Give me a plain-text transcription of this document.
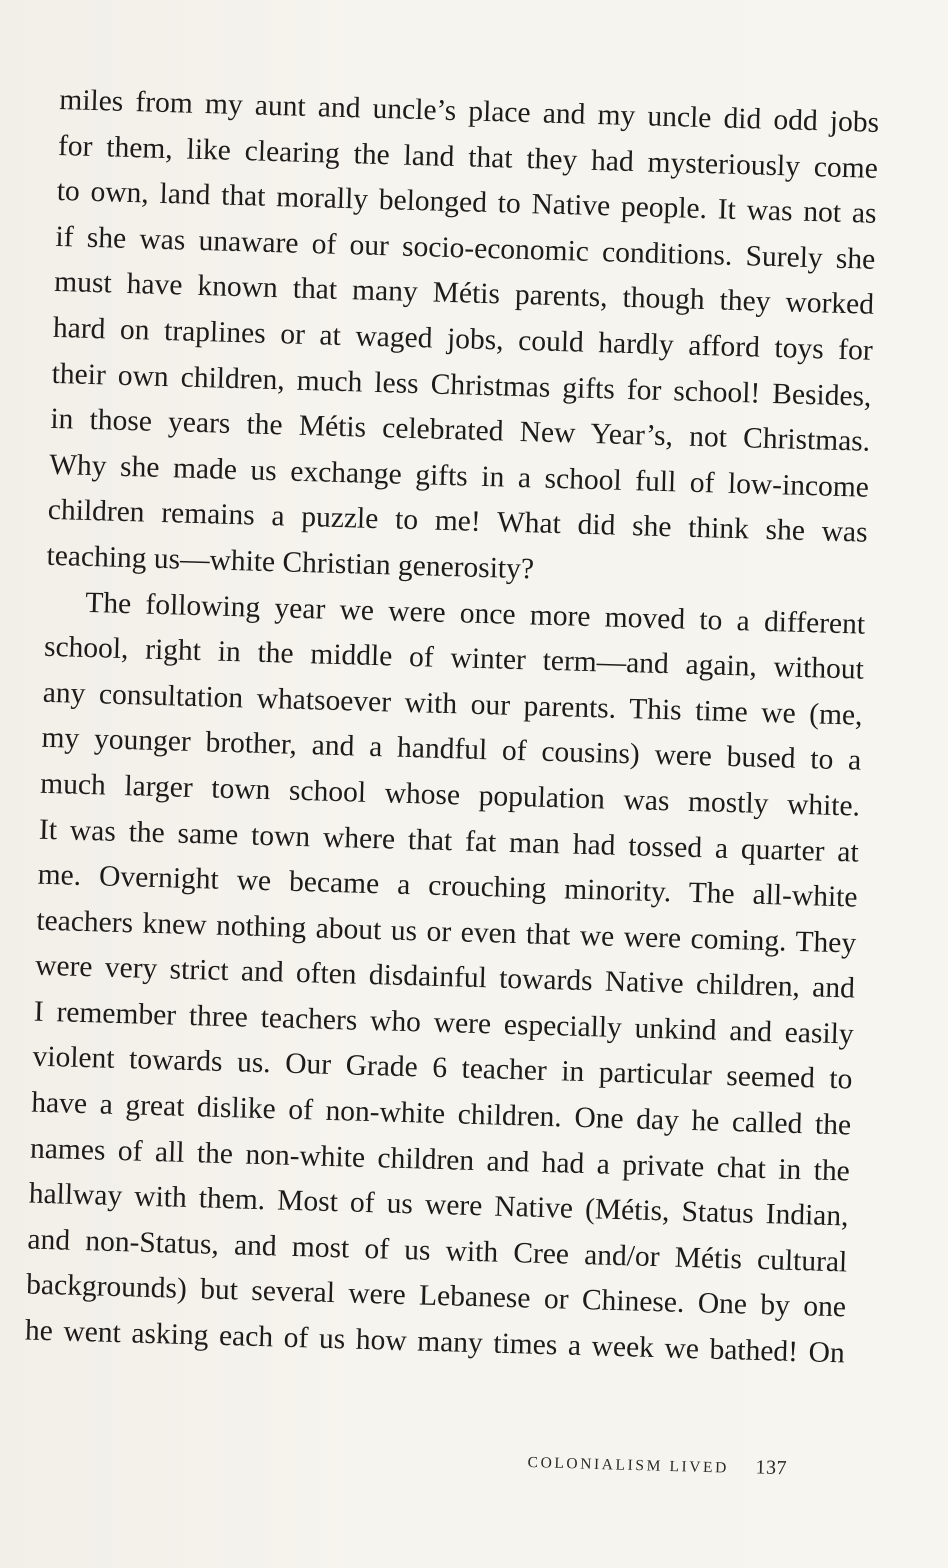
miles from my aunt and uncle’s place and my uncle did odd jobs
for them, like clearing the land that they had mysteriously come
to own, land that morally belonged to Native people. It was not as
if she was unaware of our socio-economic conditions. Surely she
must have known that many Métis parents, though they worked
hard on traplines or at waged jobs, could hardly afford toys for
their own children, much less Christmas gifts for school! Besides,
in those years the Métis celebrated New Year’s, not Christmas.
Why she made us exchange gifts in a school full of low-income
children remains a puzzle to me! What did she think she was
teaching us—white Christian generosity?

The following year we were once more moved to a different
school, right in the middle of winter term—and again, without
any consultation whatsoever with our parents. This time we (me,
my younger brother, and a handful of cousins) were bused to a
much larger town school whose population was mostly white.
It was the same town where that fat man had tossed a quarter at
me. Overnight we became a crouching minority. The all-white
teachers knew nothing about us or even that we were coming. They
were very strict and often disdainful towards Native children, and
I remember three teachers who were especially unkind and easily
violent towards us. Our Grade 6 teacher in particular seemed to
have a great dislike of non-white children. One day he called the
names of all the non-white children and had a private chat in the
hallway with them. Most of us were Native (Métis, Status Indian,
and non-Status, and most of us with Cree and/or Métis cultural
backgrounds) but several were Lebanese or Chinese. One by one
he went asking each of us how many times a week we bathed! On

COLONIALISM LIVED 137
